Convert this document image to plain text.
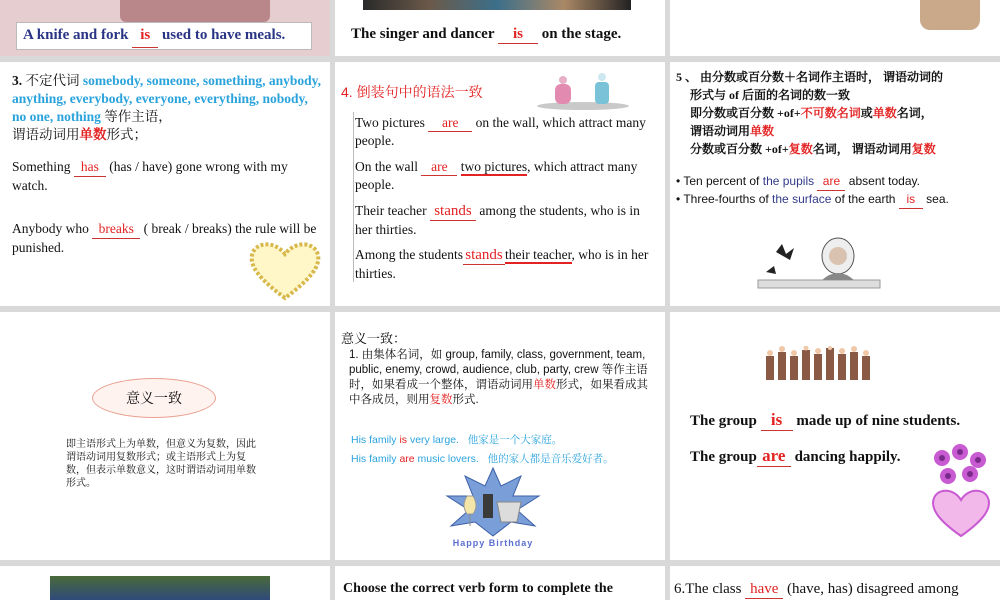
A knife and fork is used to have meals.	The singer and dancer is on the stage.
3. 不定代词 somebody, someone, something, anybody, anything, everybody, everyone, everything, nobody, no one, nothing 等作主语，
谓语动词用单数形式；
Something has (has / have) gone wrong with my watch.
Anybody who breaks ( break / breaks) the rule will be punished.
4. 倒装句中的语法一致
Two pictures are on the wall, which attract many people.
On the wall are two pictures, which attract many people.
Their teacher stands among the students, who is in her thirties.
Among the students stands their teacher, who is in her thirties.
5 、 由分数或百分数＋名词作主语时， 谓语动词的
形式与 of 后面的名词的数一致
即分数或百分数 +of+不可数名词或单数名词，
谓语动词用单数
分数或百分数 +of+复数名词， 谓语动词用复数
• Ten percent of the pupils are absent today.
• Three-fourths of the surface of the earth is sea.
意义一致
即主语形式上为单数，但意义为复数，因此谓语动词用复数形式；或主语形式上为复数，但表示单数意义，这时谓语动词用单数形式。
意义一致：
1. 由集体名词，如 group, family, class, government, team, public, enemy, crowd, audience, club, party, crew 等作主语时，如果看成一个整体，谓语动词用单数形式，如果看成其中各成员，则用复数形式.
His family is very large. 他家是一个大家庭。
His family are music lovers. 他的家人都是音乐爱好者。
Happy Birthday
The group is made up of nine students.
The group are dancing happily.
Choose the correct verb form to complete the	6.The class have (have, has) disagreed among
